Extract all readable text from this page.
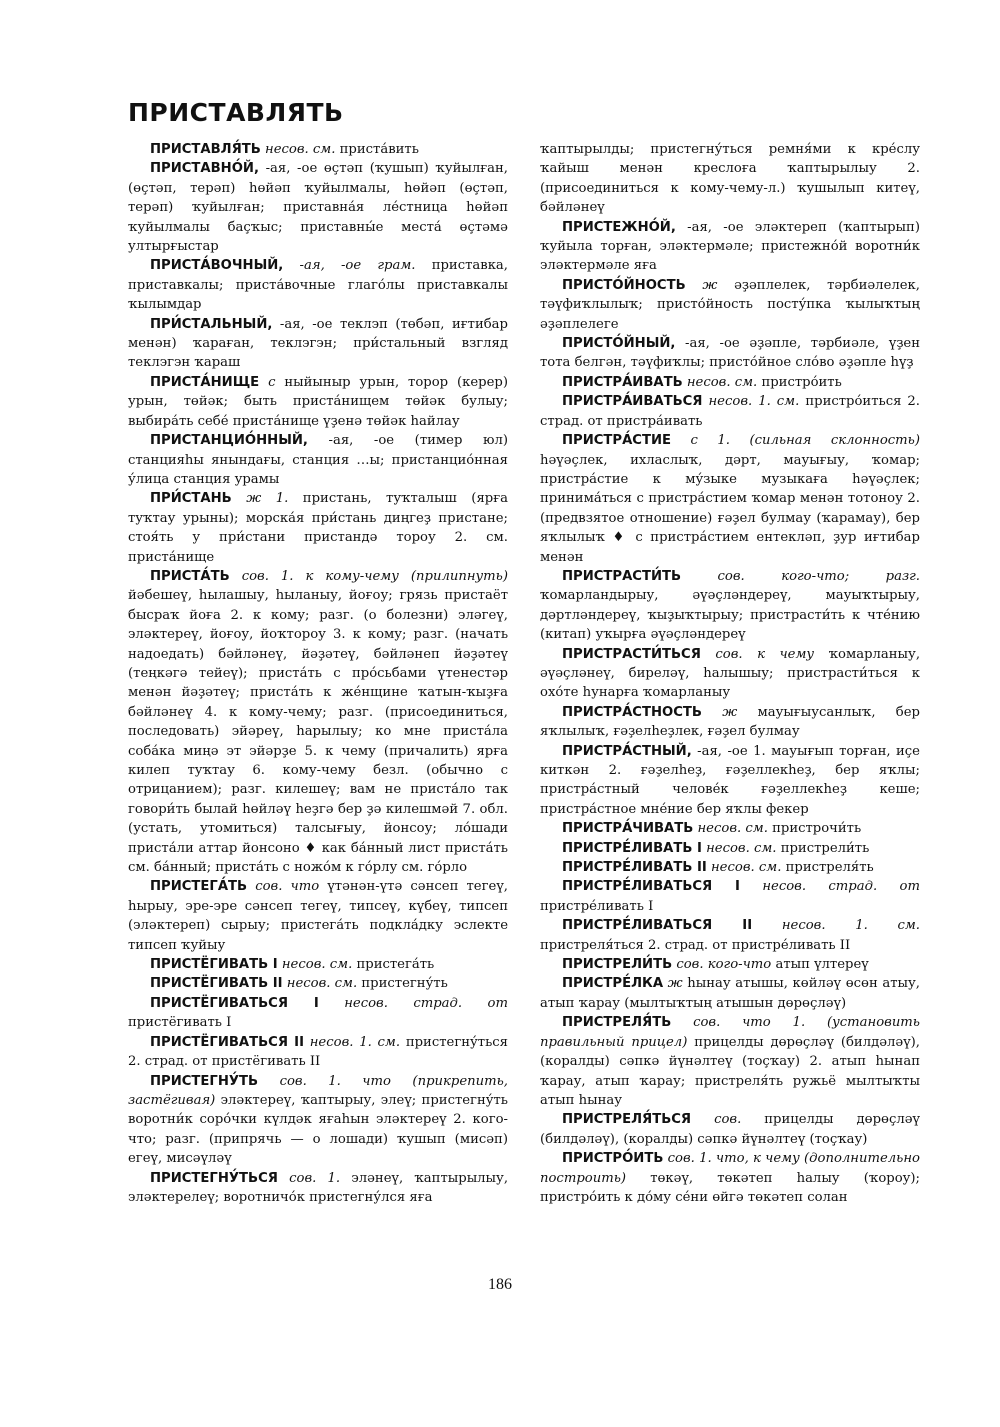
ПРИСТАВЛЯТЬ

ПРИСТАВЛЯ́ТЬ несов. см. приста́вить

ПРИСТАВНО́Й, -ая, -ое өҫтәп (ҡушып) ҡуйылған, (өҫтәп, терәп) һөйәп ҡуйылмалы, һөйәп (өҫтәп, терәп) ҡуйылған; приставна́я ле́стница һөйәп ҡуйылмалы баҫҡыс; приставны́е места́ өҫтәмә ултырғыстар

ПРИСТА́ВОЧНЫЙ, -ая, -ое грам. приставка, приставкалы; приста́вочные глаго́лы приставкалы ҡылымдар

ПРИ́СТАЛЬНЫЙ, -ая, -ое теклэп (төбәп, иғтибар менән) ҡараған, теклэгэн; при́стальный взгляд теклэгэн ҡараш

ПРИСТА́НИЩЕ с ныйыныр урын, торор (керер) урын, төйәк; быть приста́нищем төйәк булыу; выбира́ть себе́ приста́нище үҙенә төйәк һайлау

ПРИСТАНЦИО́ННЫЙ, -ая, -ое (тимер юл) станцияһы янындағы, станция …ы; пристанцио́нная у́лица станция урамы

ПРИ́СТАНЬ ж 1. пристань, туҡталыш (ярға туҡтау урыны); морска́я при́стань диңгеҙ пристане; стоя́ть у при́стани пристандә тороу 2. см. приста́нище

ПРИСТА́ТЬ сов. 1. к кому-чему (прилипнуть) йәбешеү, һылашыу, һыланыу, йоғоу; грязь пристаёт бысраҡ йоға 2. к кому; разг. (о болезни) эләгеү, эләктереү, йоғоу, йоҡтороу 3. к кому; разг. (начать надоедать) бәйләнеү, йәҙәтеү, бәйләнеп йәҙәтеү (теңкәгә тейеү); приста́ть с про́сьбами үтенестәр менән йәҙәтеү; приста́ть к же́нщине ҡатын-ҡыҙға бәйләнеү 4. к кому-чему; разг. (присоединиться, последовать) эйәреү, һарылыу; ко мне приста́ла соба́ка миңә эт эйәрҙе 5. к чему (причалить) ярға килеп туҡтау 6. кому-чему безл. (обычно с отрицанием); разг. килешеү; вам не приста́ло так говори́ть былай һөйләү һеҙгә бер ҙә килешмәй 7. обл. (устать, утомиться) талсығыу, йонсоу; ло́шади приста́ли аттар йонсоно ♦ как ба́нный лист приста́ть см. ба́нный; приста́ть с ножо́м к го́рлу см. го́рло

ПРИСТЕГА́ТЬ сов. что үтәнән-үтә сәнсеп тегеү, һырыу, эре-эре сәнсеп тегеү, типсеү, күбеү, типсеп (эләктереп) сырыу; пристега́ть подкла́дку эслекте типсеп ҡуйыу

ПРИСТЁГИВАТЬ I несов. см. пристега́ть

ПРИСТЁГИВАТЬ II несов. см. пристегну́ть

ПРИСТЁГИВАТЬСЯ I несов. страд. от пристёгивать I

ПРИСТЁГИВАТЬСЯ II несов. 1. см. пристегну́ться 2. страд. от пристёгивать II

ПРИСТЕГНУ́ТЬ сов. 1. что (прикрепить, застёгивая) эләктереү, ҡаптырыу, элеү; пристегну́ть воротни́к соро́чки күлдәк яғаһын эләктереү 2. кого-что; разг. (припрячь — о лошади) ҡушып (мисәп) егеү, мисәүләү

ПРИСТЕГНУ́ТЬСЯ сов. 1. эләнеү, ҡаптырылыу, эләктерелеү; воротничо́к пристегну́лся яға

ҡаптырылды; пристегну́ться ремня́ми к кре́слу ҡайыш менән креслоға ҡаптырылыу 2. (присоединиться к кому-чему-л.) ҡушылып китеү, бәйләнеү

ПРИСТЕЖНО́Й, -ая, -ое эләктереп (ҡаптырып) ҡуйыла торған, эләктермәле; пристежно́й воротни́к эләктермәле яға

ПРИСТО́ЙНОСТЬ ж әҙәплелек, тәрбиәлелек, тәүфиҡлылыҡ; присто́йность посту́пка ҡылыҡтың әҙәплелеге

ПРИСТО́ЙНЫЙ, -ая, -ое әҙәпле, тәрбиәле, үҙен тота белгән, тәүфиҡлы; присто́йное сло́во әҙәпле һүҙ

ПРИСТРА́ИВАТЬ несов. см. пристро́ить

ПРИСТРА́ИВАТЬСЯ несов. 1. см. пристро́иться 2. страд. от пристра́ивать

ПРИСТРА́СТИЕ с 1. (сильная склонность) һәүәҫлек, ихласлыҡ, дәрт, мауығыу, ҡомар; пристра́стие к му́зыке музыкаға һәүәҫлек; принима́ться с пристра́стием ҡомар менән тотоноу 2. (предвзятое отношение) ғәҙел булмау (ҡарамау), бер яҡлылыҡ ♦ с пристра́стием ентекләп, ҙур иғтибар менән

ПРИСТРАСТИ́ТЬ	сов. кого-что; разг. ҡомарландырыу, әүәҫләндереү, мауыҡтырыу, дәртләндереү, ҡыҙыҡтырыу; пристрасти́ть к чте́нию (китап) уҡырға әүәҫләндереү

ПРИСТРАСТИ́ТЬСЯ сов. к чему ҡомарланыу, әүәҫләнеү, биреләү, һалышыу; пристрасти́ться к охо́те һунарға ҡомарланыу

ПРИСТРА́СТНОСТЬ ж мауығыусанлыҡ, бер яҡлылыҡ, ғәҙелһеҙлек, ғәҙел булмау

ПРИСТРА́СТНЫЙ, -ая, -ое 1. мауығып торған, иҫе киткән 2. ғәҙелһеҙ, ғәҙеллекһеҙ, бер яҡлы; пристра́стный челове́к ғәҙеллекһеҙ кеше; пристра́стное мне́ние бер яҡлы фекер

ПРИСТРА́ЧИВАТЬ несов. см. пристрочи́ть

ПРИСТРЕ́ЛИВАТЬ I несов. см. пристрели́ть

ПРИСТРЕ́ЛИВАТЬ II несов. см. пристреля́ть

ПРИСТРЕ́ЛИВАТЬСЯ I несов. страд. от пристре́ливать I

ПРИСТРЕ́ЛИВАТЬСЯ II несов. 1. см. пристреля́ться 2. страд. от пристре́ливать II

ПРИСТРЕЛИ́ТЬ сов. кого-что атып үлтереү

ПРИСТРЕ́ЛКА ж һынау атышы, көйләү өсөн атыу, атып ҡарау (мылтыҡтың атышын дөрөҫләү)

ПРИСТРЕЛЯ́ТЬ сов. что 1. (установить правильный прицел) прицелды дөрөҫләү (билдәләү), (коралды) сәпкә йүнәлтеү (тоҫҡау) 2. атып һынап ҡарау, атып ҡарау; пристреля́ть ружьё мылтыҡты атып һынау

ПРИСТРЕЛЯ́ТЬСЯ сов. прицелды дөрөҫләү (билдәләү), (коралды) сәпкә йүнәлтеү (тоҫҡау)

ПРИСТРО́ИТЬ сов. 1. что, к чему (дополнительно построить) төкәү, төкәтеп һалыу (ҡороу); пристро́ить к до́му се́ни өйгә төкәтеп солан

186
